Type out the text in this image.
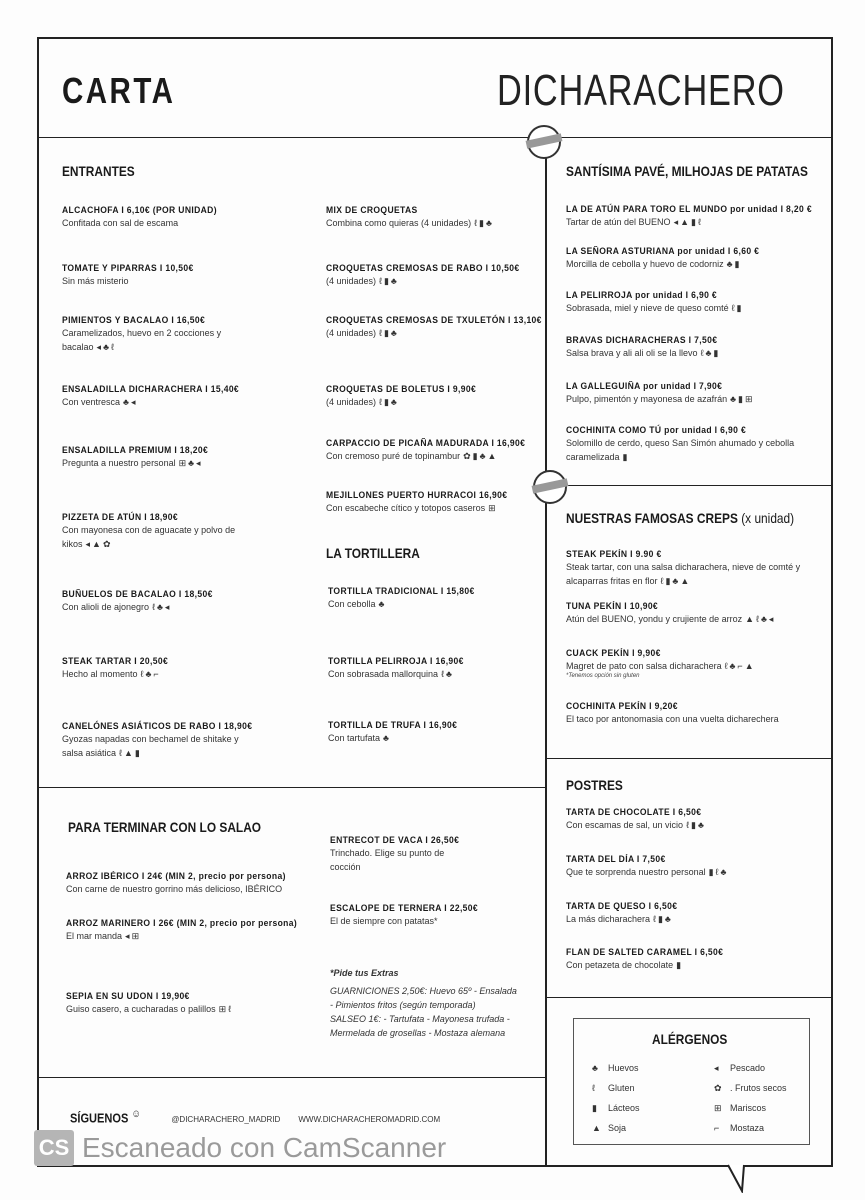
CARTA	DICHARACHERO
ENTRANTES
ALCACHOFA I 6,10€ (POR UNIDAD)
Confitada con sal de escama
TOMATE Y PIPARRAS I 10,50€
Sin más misterio
PIMIENTOS Y BACALAO I 16,50€
Caramelizados, huevo en 2 cocciones y bacalao ◂♣ℓ
ENSALADILLA DICHARACHERA I 15,40€
Con ventresca ♣◂
ENSALADILLA PREMIUM I 18,20€
Pregunta a nuestro personal ⊞♣◂
PIZZETA DE ATÚN I 18,90€
Con mayonesa con de aguacate y polvo de kikos ◂▲✿
BUÑUELOS DE BACALAO I 18,50€
Con alioli de ajonegro ℓ♣◂
STEAK TARTAR I 20,50€
Hecho al momento ℓ♣⌐
CANELÓNES ASIÁTICOS DE RABO I 18,90€
Gyozas napadas con bechamel de shitake y salsa asiática ℓ▲▮
MIX DE CROQUETAS
Combina como quieras (4 unidades) ℓ▮♣
CROQUETAS CREMOSAS DE RABO I 10,50€
(4 unidades) ℓ▮♣
CROQUETAS CREMOSAS DE TXULETÓN I 13,10€
(4 unidades) ℓ▮♣
CROQUETAS DE BOLETUS I 9,90€
(4 unidades) ℓ▮♣
CARPACCIO DE PICAÑA MADURADA I 16,90€
Con cremoso puré de topinambur ✿▮♣▲
MEJILLONES PUERTO HURRACOI 16,90€
Con escabeche cítico y totopos caseros ⊞
LA TORTILLERA
TORTILLA TRADICIONAL I 15,80€
Con cebolla ♣
TORTILLA PELIRROJA I 16,90€
Con sobrasada mallorquina ℓ♣
TORTILLA DE TRUFA I 16,90€
Con tartufata ♣
SANTÍSIMA PAVÉ, MILHOJAS DE PATATAS
LA DE ATÚN PARA TORO EL MUNDO por unidad I 8,20 €
Tartar de atún del BUENO ◂▲▮ℓ
LA SEÑORA ASTURIANA por unidad I 6,60 €
Morcilla de cebolla y huevo de codorniz ♣▮
LA PELIRROJA por unidad I 6,90 €
Sobrasada, miel y nieve de queso comté ℓ▮
BRAVAS DICHARACHERAS I 7,50€
Salsa brava y ali ali oli se la llevo ℓ♣▮
LA GALLEGUIÑA por unidad I 7,90€
Pulpo, pimentón y mayonesa de azafrán ♣▮⊞
COCHINITA COMO TÚ por unidad I 6,90 €
Solomillo de cerdo, queso San Simón ahumado y cebolla caramelizada ▮
NUESTRAS FAMOSAS CREPS (x unidad)
STEAK PEKÍN I 9.90 €
Steak tartar, con una salsa dicharachera, nieve de comté y alcaparras fritas en flor ℓ▮♣▲
TUNA PEKÍN I 10,90€
Atún del BUENO, yondu y crujiente de arroz ▲ℓ♣◂
CUACK PEKÍN I 9,90€
Magret de pato con salsa dicharachera ℓ♣⌐▲
*Tenemos opción sin gluten
COCHINITA PEKÍN I 9,20€
El taco por antonomasia con una vuelta dicharechera
POSTRES
TARTA DE CHOCOLATE I 6,50€
Con escamas de sal, un vicio ℓ▮♣
TARTA DEL DÍA I 7,50€
Que te sorprenda nuestro personal ▮ℓ♣
TARTA DE QUESO I 6,50€
La más dicharachera ℓ▮♣
FLAN DE SALTED CARAMEL I 6,50€
Con petazeta de chocolate ▮
PARA TERMINAR CON LO SALAO
ARROZ IBÉRICO I 24€ (MIN 2, precio por persona)
Con carne de nuestro gorrino más delicioso, IBÉRICO
ARROZ MARINERO I 26€ (MIN 2, precio por persona)
El mar manda ◂⊞
SEPIA EN SU UDON I 19,90€
Guiso casero, a cucharadas o palillos ⊞ℓ
ENTRECOT DE VACA I 26,50€
Trinchado. Elige su punto de cocción
ESCALOPE DE TERNERA I 22,50€
El de siempre con patatas*
*Pide tus Extras
GUARNICIONES 2,50€: Huevo 65º - Ensalada
- Pimientos fritos (según temporada)
SALSEO 1€: - Tartufata - Mayonesa trufada -
Mermelada de grosellas - Mostaza alemana	ALÉRGENOS
♣ Huevos
ℓ Gluten
▮ Lácteos
▲ Soja
◂ Pescado
✿ . Frutos secos
⊞ Mariscos
⌐ Mostaza
SÍGUENOS ☺	@DICHARACHERO_MADRID WWW.DICHARACHEROMADRID.COM
CS Escaneado con CamScanner
